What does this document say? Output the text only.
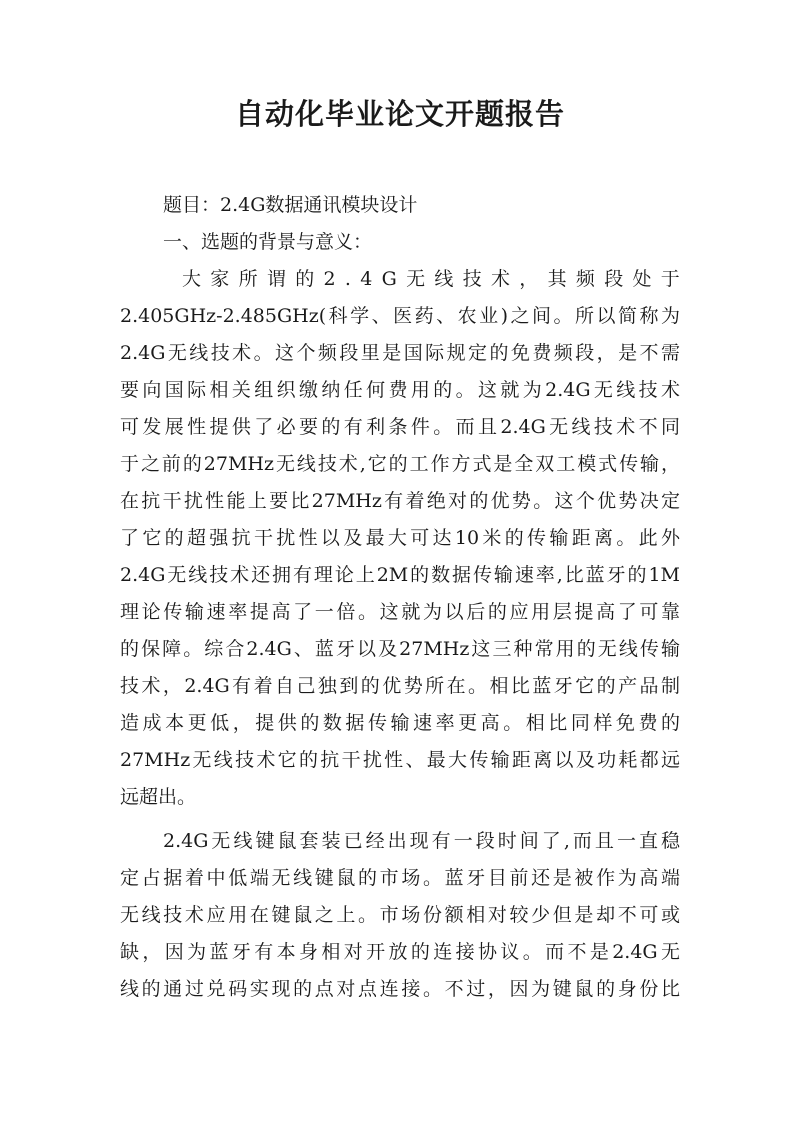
自动化毕业论文开题报告

题目：2.4G数据通讯模块设计

一、选题的背景与意义：

大家所谓的2.4G无线技术，其频段处于

2.405GHz-2.485GHz(科学、医药、农业)之间。所以简称为

2.4G无线技术。这个频段里是国际规定的免费频段，是不需

要向国际相关组织缴纳任何费用的。这就为2.4G无线技术

可发展性提供了必要的有利条件。而且2.4G无线技术不同

于之前的27MHz无线技术,它的工作方式是全双工模式传输，

在抗干扰性能上要比27MHz有着绝对的优势。这个优势决定

了它的超强抗干扰性以及最大可达10米的传输距离。此外

2.4G无线技术还拥有理论上2M的数据传输速率,比蓝牙的1M

理论传输速率提高了一倍。这就为以后的应用层提高了可靠

的保障。综合2.4G、蓝牙以及27MHz这三种常用的无线传输

技术，2.4G有着自己独到的优势所在。相比蓝牙它的产品制

造成本更低，提供的数据传输速率更高。相比同样免费的

27MHz无线技术它的抗干扰性、最大传输距离以及功耗都远

远超出。

2.4G无线键鼠套装已经出现有一段时间了,而且一直稳

定占据着中低端无线键鼠的市场。蓝牙目前还是被作为高端

无线技术应用在键鼠之上。市场份额相对较少但是却不可或

缺，因为蓝牙有本身相对开放的连接协议。而不是2.4G无

线的通过兑码实现的点对点连接。不过，因为键鼠的身份比
